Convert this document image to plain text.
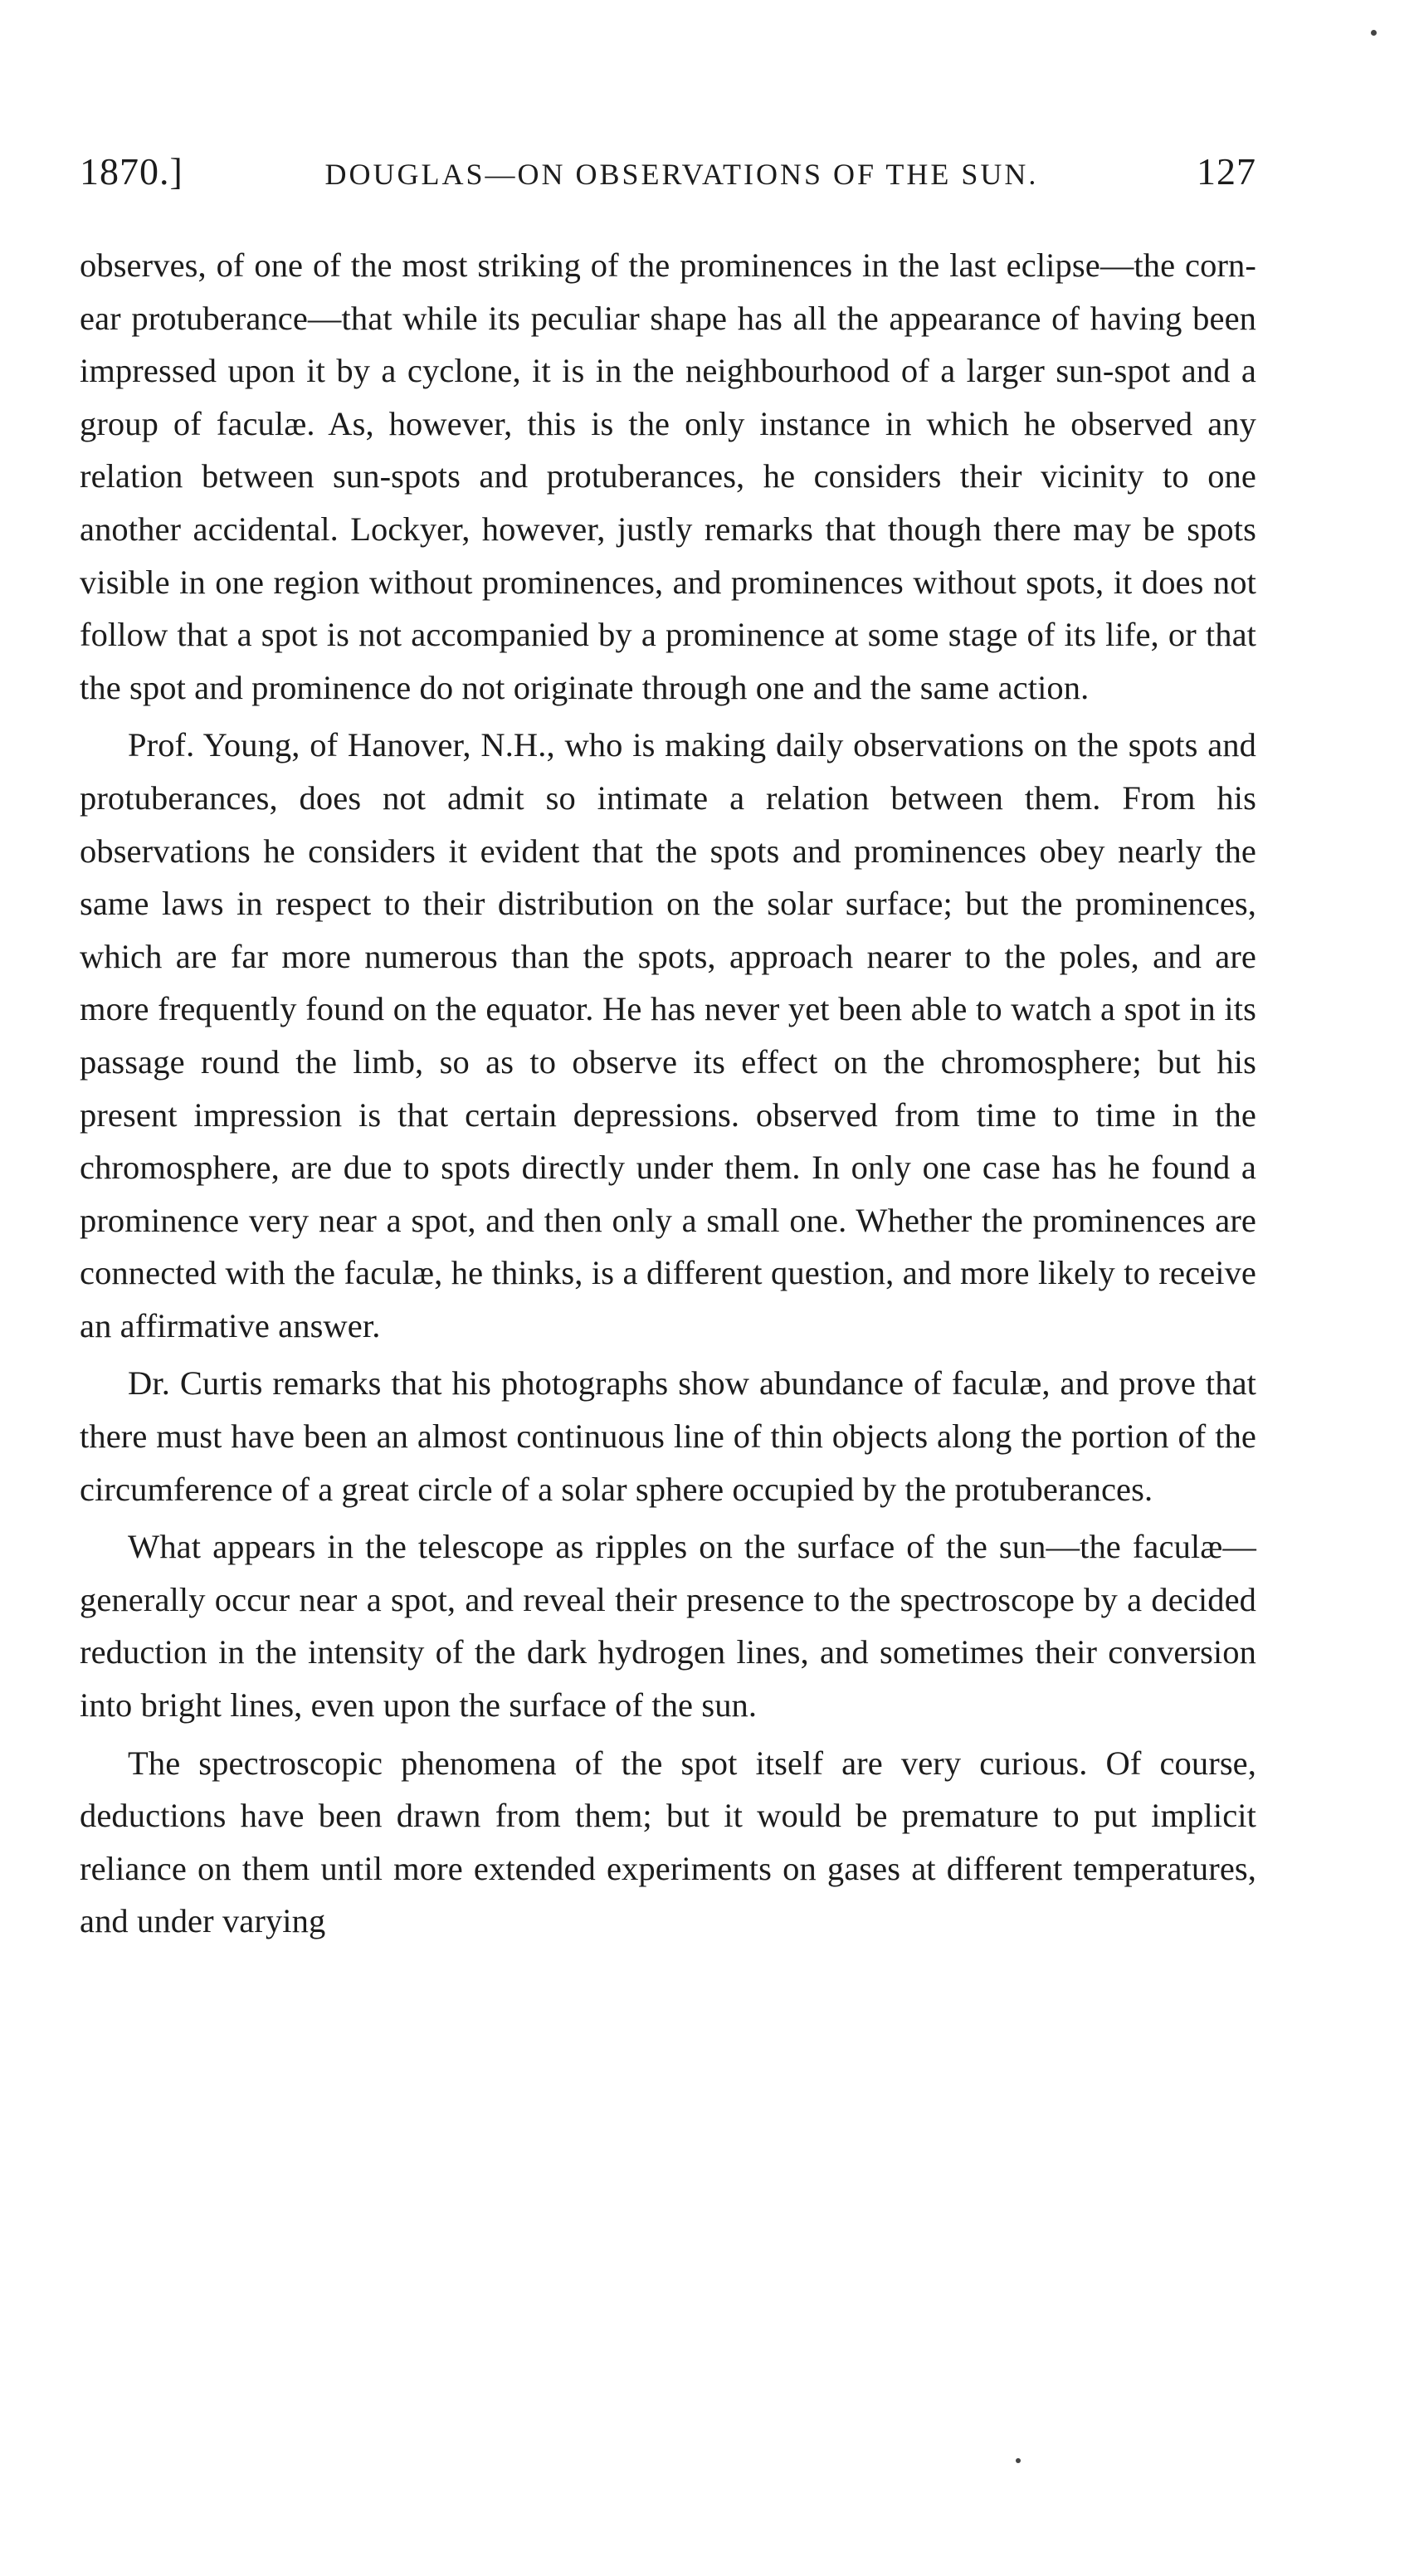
1870.]	DOUGLAS—ON OBSERVATIONS OF THE SUN.	127

observes, of one of the most striking of the prominences in the last eclipse—the corn-ear protuberance—that while its peculiar shape has all the appearance of having been impressed upon it by a cyclone, it is in the neighbourhood of a larger sun-spot and a group of faculæ. As, however, this is the only instance in which he observed any relation between sun-spots and protuberances, he considers their vicinity to one another accidental. Lockyer, however, justly remarks that though there may be spots visible in one region without prominences, and prominences without spots, it does not follow that a spot is not accompanied by a prominence at some stage of its life, or that the spot and prominence do not originate through one and the same action.

Prof. Young, of Hanover, N.H., who is making daily observations on the spots and protuberances, does not admit so intimate a relation between them. From his observations he considers it evident that the spots and prominences obey nearly the same laws in respect to their distribution on the solar surface; but the prominences, which are far more numerous than the spots, approach nearer to the poles, and are more frequently found on the equator. He has never yet been able to watch a spot in its passage round the limb, so as to observe its effect on the chromosphere; but his present impression is that certain depressions. observed from time to time in the chromosphere, are due to spots directly under them. In only one case has he found a prominence very near a spot, and then only a small one. Whether the prominences are connected with the faculæ, he thinks, is a different question, and more likely to receive an affirmative answer.

Dr. Curtis remarks that his photographs show abundance of faculæ, and prove that there must have been an almost continuous line of thin objects along the portion of the circumference of a great circle of a solar sphere occupied by the protuberances.

What appears in the telescope as ripples on the surface of the sun—the faculæ—generally occur near a spot, and reveal their presence to the spectroscope by a decided reduction in the intensity of the dark hydrogen lines, and sometimes their conversion into bright lines, even upon the surface of the sun.

The spectroscopic phenomena of the spot itself are very curious. Of course, deductions have been drawn from them; but it would be premature to put implicit reliance on them until more extended experiments on gases at different temperatures, and under varying
